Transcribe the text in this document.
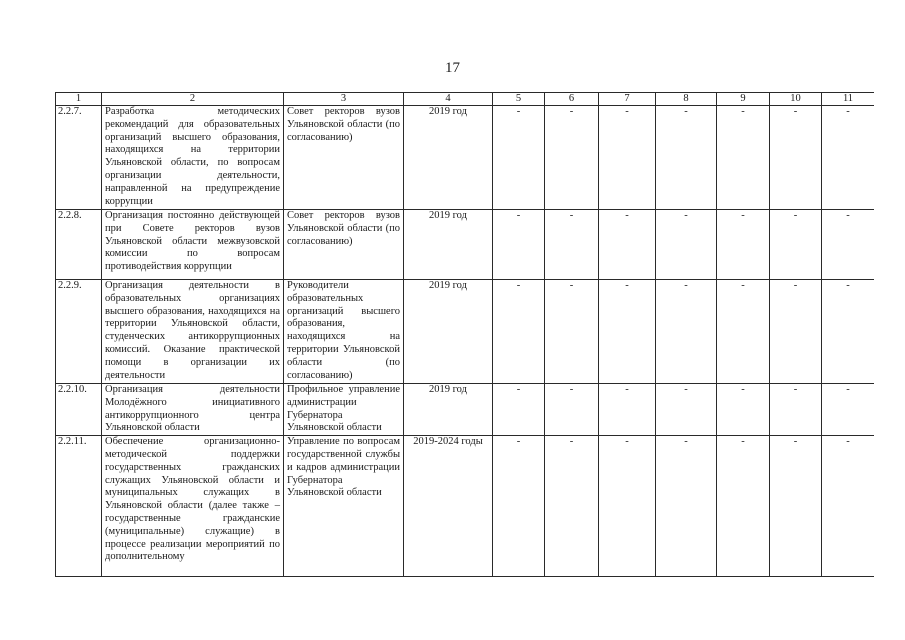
17
1	2	3	4	5	6	7	8	9	10	11
2.2.7.	Разработка методических рекомендаций для образовательных организаций высшего образования, находящихся на территории Ульяновской области, по вопросам организации деятельности, направленной на предупреждение коррупции	Совет ректоров вузов Ульяновской области (по согласованию)	2019 год	-	-	-	-	-	-	-
2.2.8.	Организация постоянно действующей при Совете ректоров вузов Ульяновской области межвузовской комиссии по вопросам противодействия коррупции	Совет ректоров вузов Ульяновской области (по согласованию)	2019 год	-	-	-	-	-	-	-
2.2.9.	Организация деятельности в образовательных организациях высшего образования, находящихся на территории Ульяновской области, студенческих антикоррупционных комиссий. Оказание практической помощи в организации их деятельности	Руководители образовательных организаций высшего образования, находящихся на территории Ульяновской области (по согласованию)	2019 год	-	-	-	-	-	-	-
2.2.10.	Организация деятельности Молодёжного инициативного антикоррупционного центра Ульяновской области	Профильное управление администрации Губернатора Ульяновской области	2019 год	-	-	-	-	-	-	-
2.2.11.	Обеспечение организационно-методической поддержки государственных гражданских служащих Ульяновской области и муниципальных служащих в Ульяновской области (далее также – государственные гражданские (муниципальные) служащие) в процессе реализации мероприятий по дополнительному	Управление по вопросам государственной службы и кадров администрации Губернатора Ульяновской области	2019-2024 годы	-	-	-	-	-	-	-
